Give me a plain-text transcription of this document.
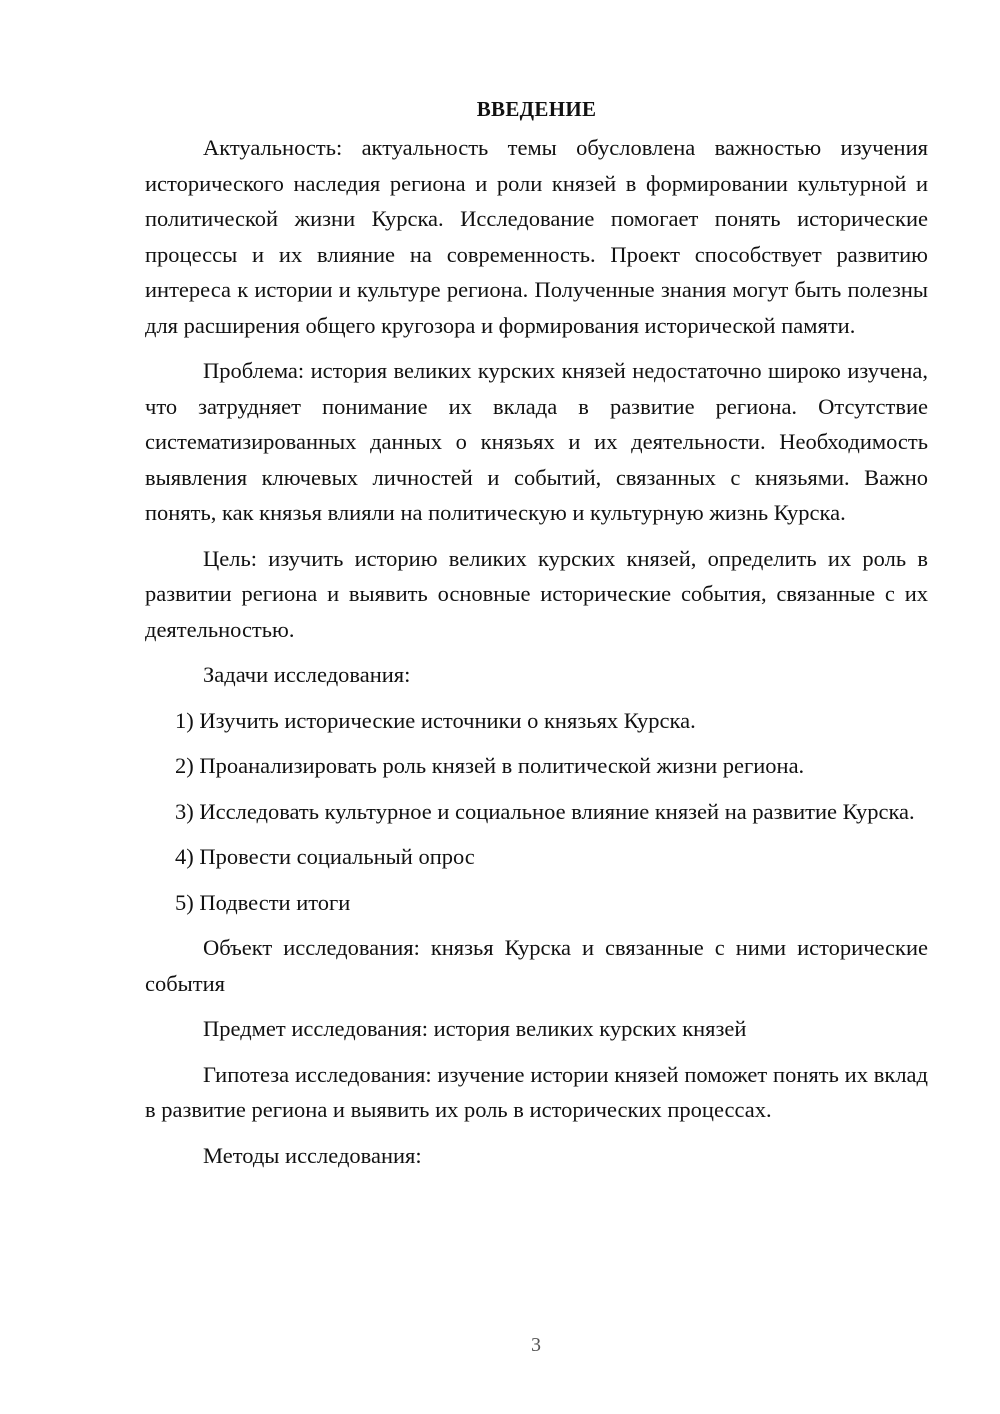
ВВЕДЕНИЕ

Актуальность: актуальность темы обусловлена важностью изучения исторического наследия региона и роли князей в формировании культурной и политической жизни Курска. Исследование помогает понять исторические процессы и их влияние на современность. Проект способствует развитию интереса к истории и культуре региона. Полученные знания могут быть полезны для расширения общего кругозора и формирования исторической памяти.

Проблема: история великих курских князей недостаточно широко изучена, что затрудняет понимание их вклада в развитие региона. Отсутствие систематизированных данных о князьях и их деятельности. Необходимость выявления ключевых личностей и событий, связанных с князьями. Важно понять, как князья влияли на политическую и культурную жизнь Курска.

Цель: изучить историю великих курских князей, определить их роль в развитии региона и выявить основные исторические события, связанные с их деятельностью.

Задачи исследования:

1) Изучить исторические источники о князьях Курска.

2) Проанализировать роль князей в политической жизни региона.

3) Исследовать культурное и социальное влияние князей на развитие Курска.

4) Провести социальный опрос

5) Подвести итоги

Объект исследования: князья Курска и связанные с ними исторические события

Предмет исследования: история великих курских князей

Гипотеза исследования: изучение истории князей поможет понять их вклад в развитие региона и выявить их роль в исторических процессах.

Методы исследования:

3
